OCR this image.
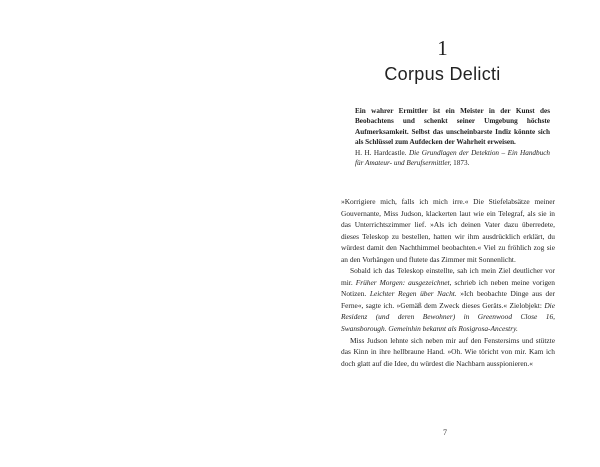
1
Corpus Delicti

Ein wahrer Ermittler ist ein Meister in der Kunst des Beobachtens und schenkt seiner Umgebung höchste Aufmerksamkeit. Selbst das unscheinbarste Indiz könnte sich als Schlüssel zum Aufdecken der Wahrheit erweisen.

H. H. Hardcastle. Die Grundlagen der Detektion – Ein Handbuch für Amateur- und Berufsermittler, 1873.

»Korrigiere mich, falls ich mich irre.« Die Stiefelabsätze meiner Gouvernante, Miss Judson, klackerten laut wie ein Telegraf, als sie in das Unterrichtszimmer lief. »Als ich deinen Vater dazu überredete, dieses Teleskop zu bestellen, hatten wir ihm ausdrücklich erklärt, du würdest damit den Nachthimmel beobachten.« Viel zu fröhlich zog sie an den Vorhängen und flutete das Zimmer mit Sonnenlicht.

Sobald ich das Teleskop einstellte, sah ich mein Ziel deutlicher vor mir. Früher Morgen: ausgezeichnet, schrieb ich neben meine vorigen Notizen. Leichter Regen über Nacht. »Ich beobachte Dinge aus der Ferne«, sagte ich. »Gemäß dem Zweck dieses Geräts.« Zielobjekt: Die Residenz (und deren Bewohner) in Greenwood Close 16, Swansborough. Gemeinhin bekannt als Rosigrosa-Ancestry.

Miss Judson lehnte sich neben mir auf den Fenstersims und stützte das Kinn in ihre hellbraune Hand. »Oh. Wie töricht von mir. Kam ich doch glatt auf die Idee, du würdest die Nachbarn ausspionieren.«

7
